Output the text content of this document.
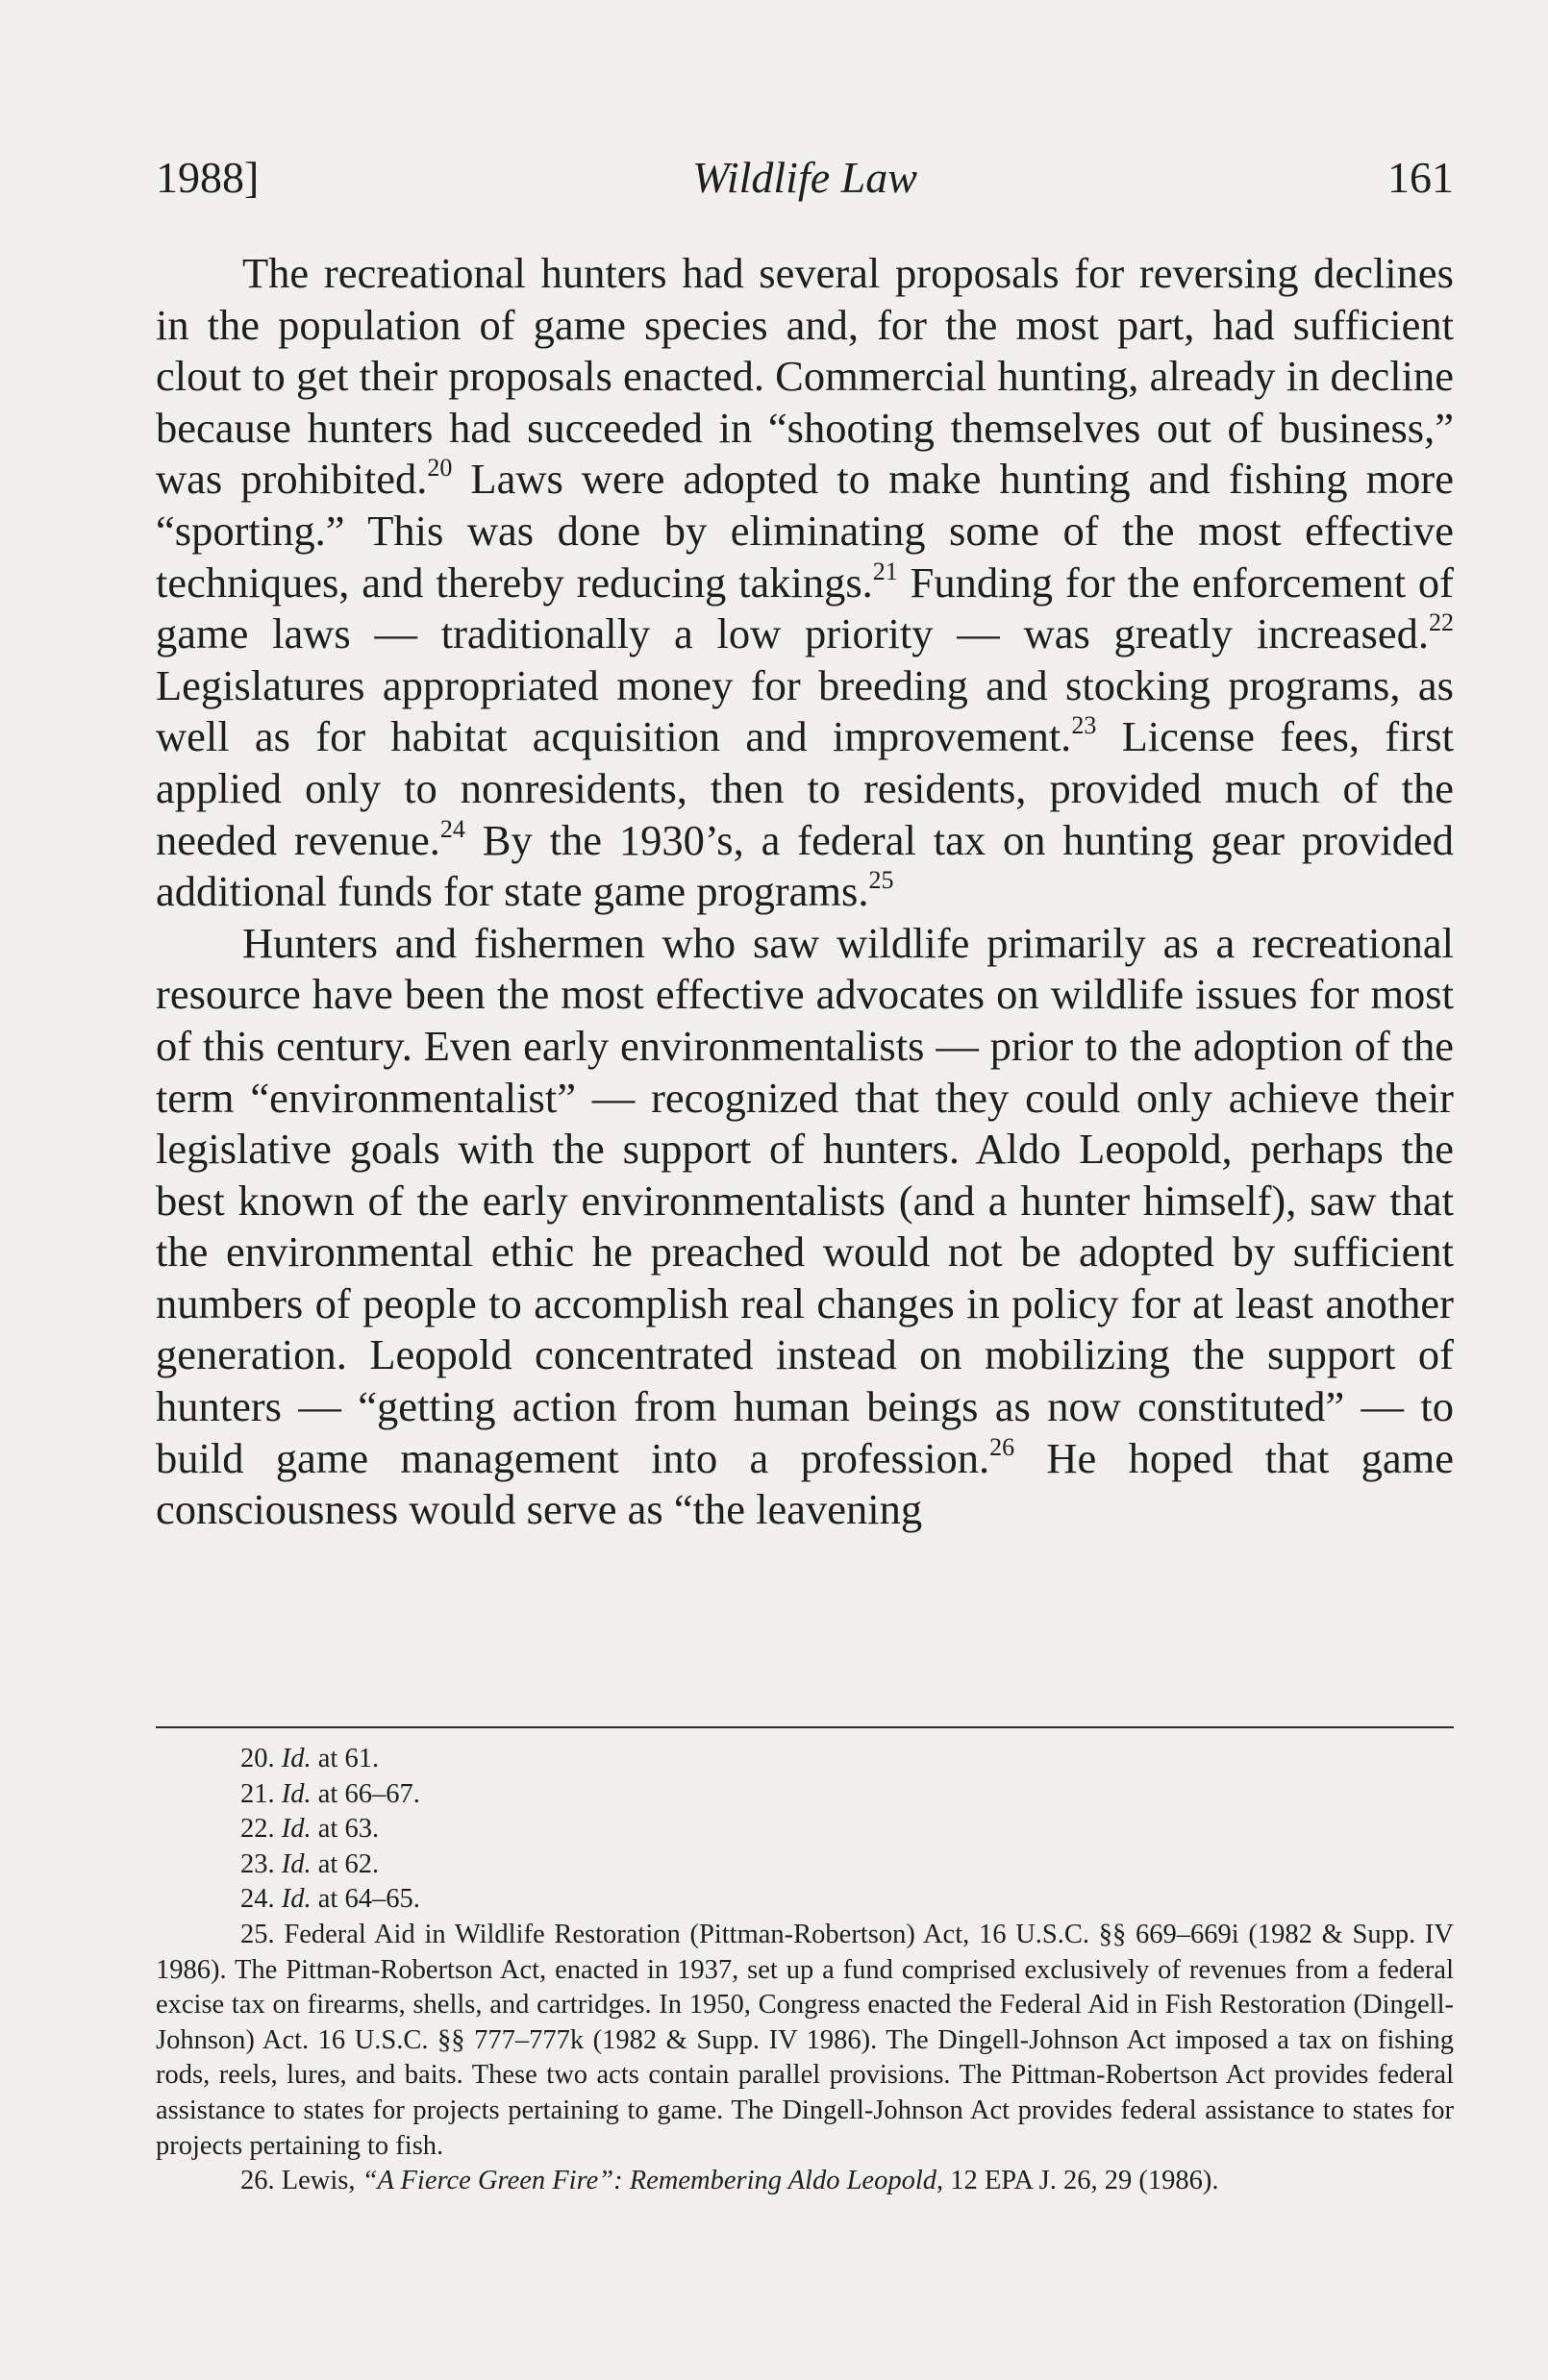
1988]	Wildlife Law	161

The recreational hunters had several proposals for reversing declines in the population of game species and, for the most part, had sufficient clout to get their proposals enacted. Commercial hunting, already in decline because hunters had succeeded in “shooting themselves out of business,” was prohibited.$^{20}$ Laws were adopted to make hunting and fishing more “sporting.” This was done by eliminating some of the most effective techniques, and thereby reducing takings.$^{21}$ Funding for the enforcement of game laws — traditionally a low priority — was greatly increased.$^{22}$ Legislatures appropriated money for breeding and stocking programs, as well as for habitat acquisition and improvement.$^{23}$ License fees, first applied only to nonresidents, then to residents, provided much of the needed revenue.$^{24}$ By the 1930’s, a federal tax on hunting gear provided additional funds for state game programs.$^{25}$

Hunters and fishermen who saw wildlife primarily as a recreational resource have been the most effective advocates on wildlife issues for most of this century. Even early environmentalists — prior to the adoption of the term “environmentalist” — recognized that they could only achieve their legislative goals with the support of hunters. Aldo Leopold, perhaps the best known of the early environmentalists (and a hunter himself), saw that the environmental ethic he preached would not be adopted by sufficient numbers of people to accomplish real changes in policy for at least another generation. Leopold concentrated instead on mobilizing the support of hunters — “getting action from human beings as now constituted” — to build game management into a profession.$^{26}$ He hoped that game consciousness would serve as “the leavening

20. Id. at 61.

21. Id. at 66–67.

22. Id. at 63.

23. Id. at 62.

24. Id. at 64–65.

25. Federal Aid in Wildlife Restoration (Pittman-Robertson) Act, 16 U.S.C. §§ 669–669i (1982 & Supp. IV 1986). The Pittman-Robertson Act, enacted in 1937, set up a fund comprised exclusively of revenues from a federal excise tax on firearms, shells, and cartridges. In 1950, Congress enacted the Federal Aid in Fish Restoration (Dingell-Johnson) Act. 16 U.S.C. §§ 777–777k (1982 & Supp. IV 1986). The Dingell-Johnson Act imposed a tax on fishing rods, reels, lures, and baits. These two acts contain parallel provisions. The Pittman-Robertson Act provides federal assistance to states for projects pertaining to game. The Dingell-Johnson Act provides federal assistance to states for projects pertaining to fish.

26. Lewis, “A Fierce Green Fire”: Remembering Aldo Leopold, 12 EPA J. 26, 29 (1986).
